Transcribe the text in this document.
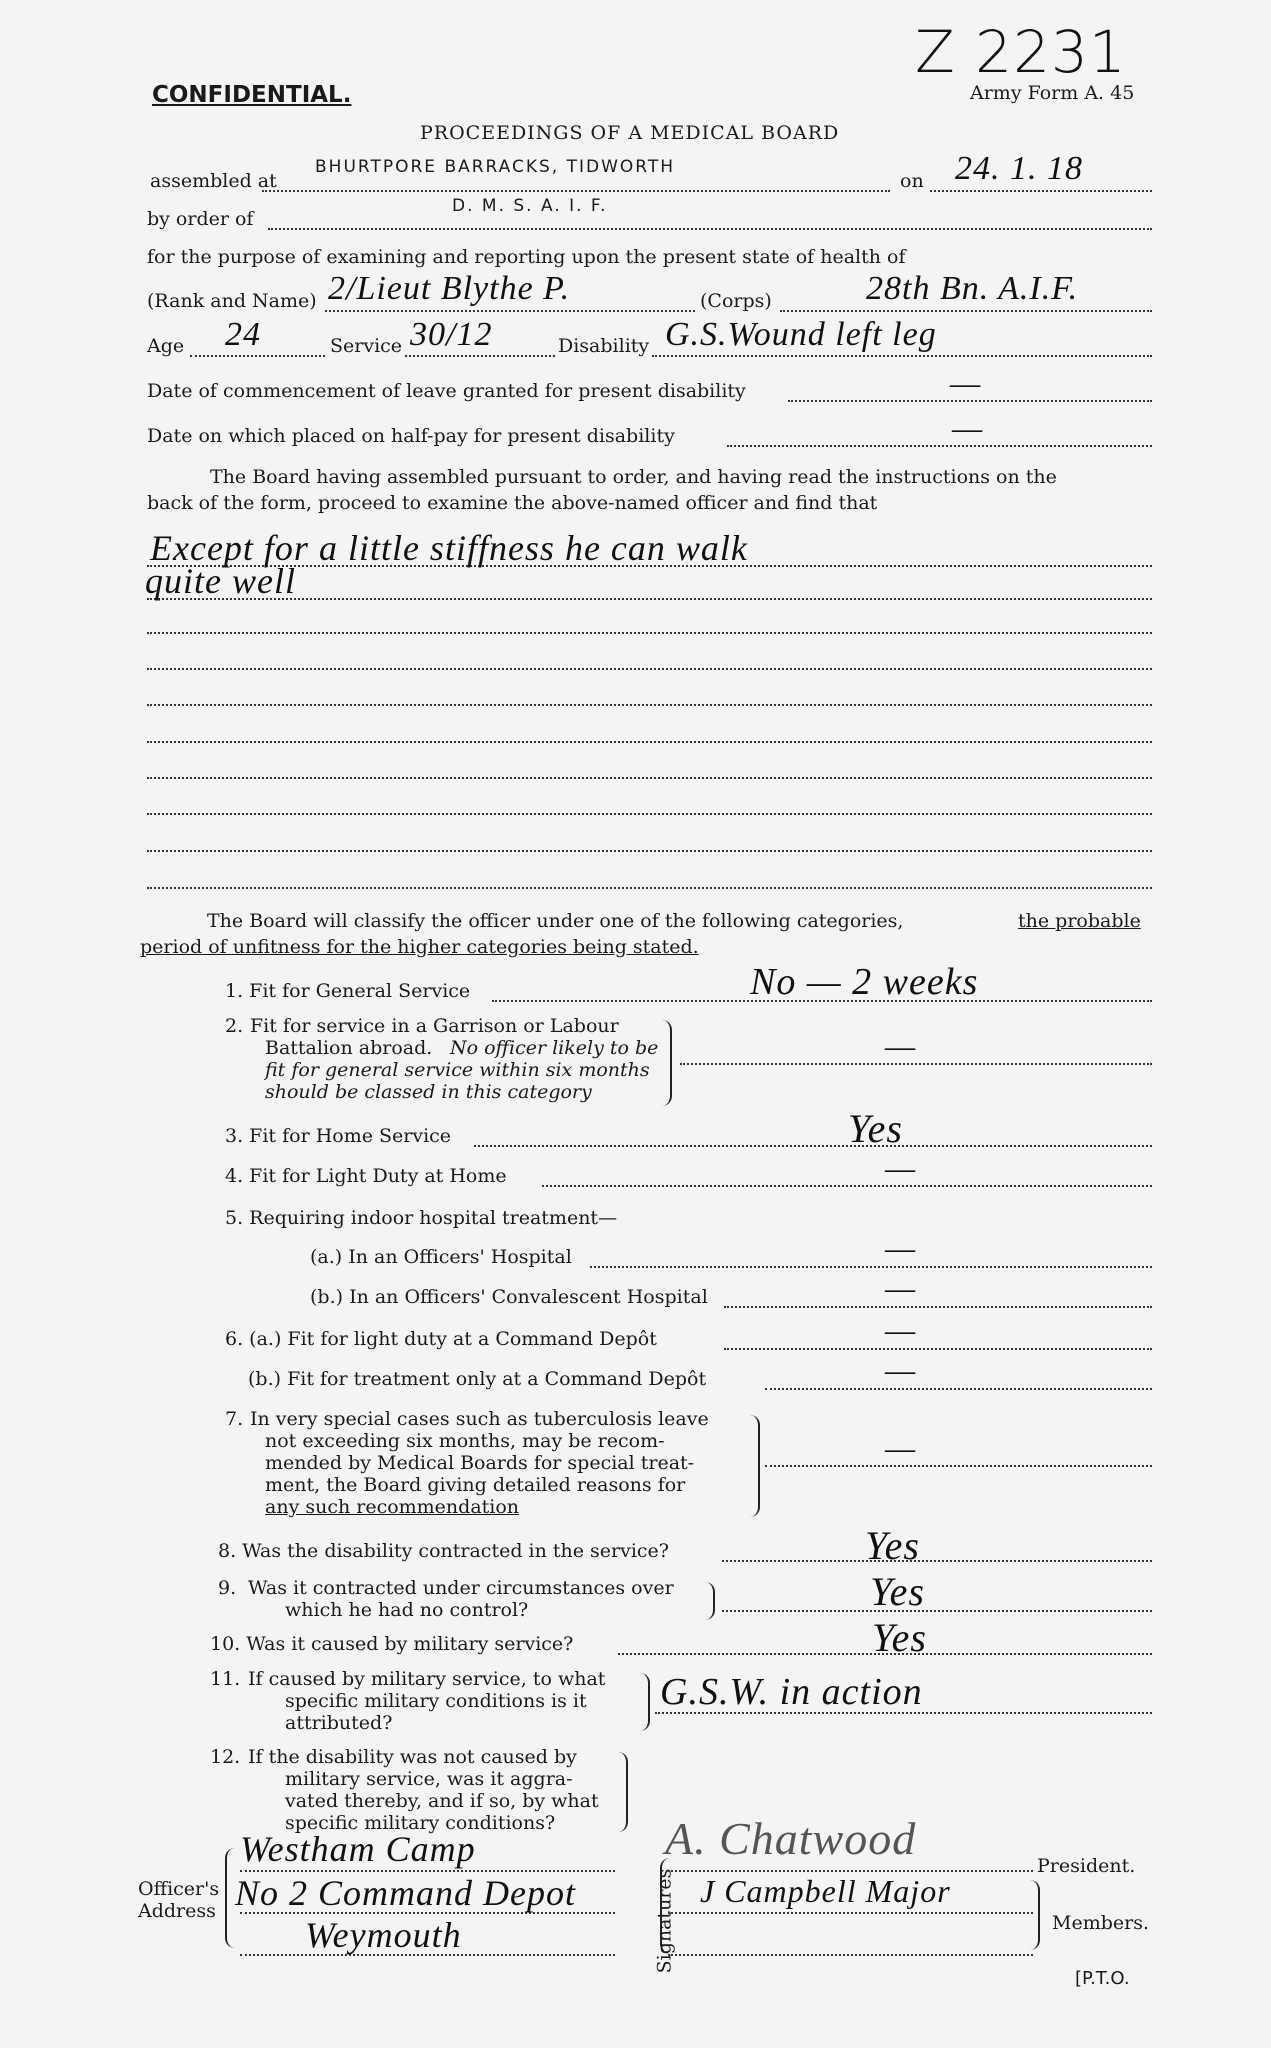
Z 2231
CONFIDENTIAL.	Army Form A. 45
PROCEEDINGS OF A MEDICAL BOARD
assembled at
BHURTPORE BARRACKS, TIDWORTH
on 24. 1. 18
by order of
D. M. S. A. I. F.
for the purpose of examining and reporting upon the present state of health of
(Rank and Name) 2/Lieut Blythe P.	(Corps)	28th Bn. A.I.F.
Age 24	Service 30/12	Disability G.S.Wound left leg
Date of commencement of leave granted for present disability	—
Date on which placed on half-pay for present disability	—
The Board having assembled pursuant to order, and having read the instructions on the
back of the form, proceed to examine the above-named officer and find that
Except for a little stiffness he can walk
quite well
The Board will classify the officer under one of the following categories,	the probable
period of unfitness for the higher categories being stated.
1. Fit for General Service	No — 2 weeks
2. Fit for service in a Garrison or Labour
Battalion abroad. No officer likely to be
fit for general service within six months
should be classed in this category
—
3. Fit for Home Service	Yes
4. Fit for Light Duty at Home	—
5. Requiring indoor hospital treatment—
(a.) In an Officers' Hospital	—
(b.) In an Officers' Convalescent Hospital	—
6. (a.) Fit for light duty at a Command Depôt	—
(b.) Fit for treatment only at a Command Depôt	—
7. In very special cases such as tuberculosis leave
not exceeding six months, may be recom-
mended by Medical Boards for special treat-
ment, the Board giving detailed reasons for
any such recommendation
—
8. Was the disability contracted in the service?	Yes
9. Was it contracted under circumstances over
which he had no control?	Yes
10. Was it caused by military service?	Yes
11. If caused by military service, to what
specific military conditions is it
attributed?
G.S.W. in action
12. If the disability was not caused by
military service, was it aggra-
vated thereby, and if so, by what
specific military conditions?
Officer's
Address
Westham Camp
No 2 Command Depot
Weymouth	Signatures
A. Chatwood
President.
J Campbell Major
Members.
[P.T.O.
